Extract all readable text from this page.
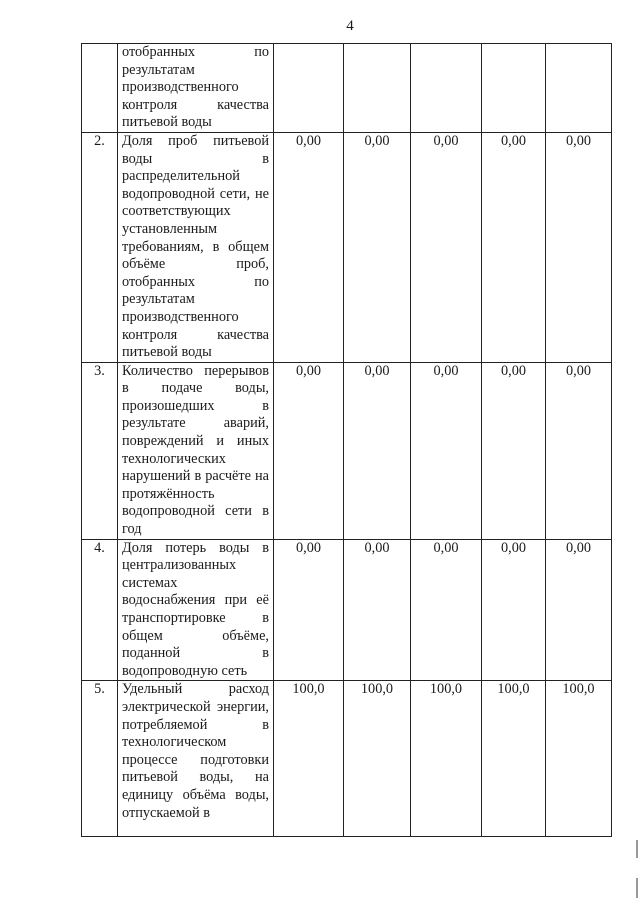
4
	отобранных по результатам производственного контроля качества питьевой воды					
2.	Доля проб питьевой воды в распределительной водопроводной сети, не соответствующих установленным требованиям, в общем объёме проб, отобранных по результатам производственного контроля качества питьевой воды	0,00	0,00	0,00	0,00	0,00
3.	Количество перерывов в подаче воды, произошедших в результате аварий, повреждений и иных технологических нарушений в расчёте на протяжённость водопроводной сети в год	0,00	0,00	0,00	0,00	0,00
4.	Доля потерь воды в централизованных системах водоснабжения при её транспортировке в общем объёме, поданной в водопроводную сеть	0,00	0,00	0,00	0,00	0,00
5.	Удельный расход электрической энергии, потребляемой в технологическом процессе подготовки питьевой воды, на единицу объёма воды, отпускаемой в	100,0	100,0	100,0	100,0	100,0
